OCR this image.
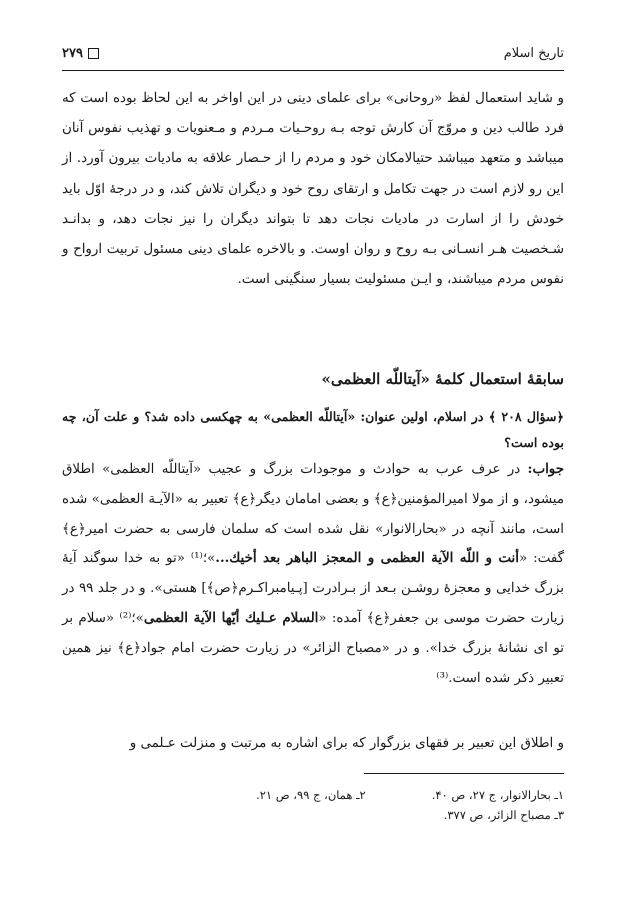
تاریخ اسلام
۲۷۹

و شاید استعمال لفظ «روحانی» برای علمای دینی در این اواخر به این لحاظ بوده است که فرد طالب دین و مروّج آن کارش توجه بـه روحـیات مـردم و مـعنویات و تهذیب نفوس آنان میباشد و متعهد میباشد حتیالامکان خود و مردم را از حـصار علاقه به مادیات بیرون آورد. از این رو لازم است در جهت تکامل و ارتقای روح خود و دیگران تلاش کند، و در درجهٔ اوّل باید خودش را از اسارت در مادیات نجات دهد تا بتواند دیگران را نیز نجات دهد، و بدانـد شـخصیت هـر انسـانی بـه روح و روان اوست. و بالاخره علمای دینی مسئول تربیت ارواح و نفوس مردم میباشند، و ایـن مسئولیت بسیار سنگینی است.

سابقهٔ استعمال کلمهٔ «آیتاللّه العظمی»

﴿سؤال ۲۰۸ ﴾ در اسلام، اولین عنوان: «آیتاللّه العظمی» به چهکسی داده شد؟ و علت آن، چه بوده است؟
جواب: در عرف عرب به حوادث و موجودات بزرگ و عجیب «آیتاللّه العظمی» اطلاق میشود، و از مولا امیرالمؤمنین‌﴿ع﴾ و بعضی امامان دیگر﴿ع﴾ تعبیر به «الآیـة العظمی» شده است، مانند آنچه در «بحارالانوار» نقل شده است که سلمان فارسی به حضرت امیر﴿ع﴾ گفت: «أنت و اللّه الآیة العظمی و المعجز الباهر بعد أخیك...»؛⁽¹⁾ «تو به خدا سوگند آیهٔ بزرگ خدایی و معجزهٔ روشـن بـعد از بـرادرت [پـیامبراکـرم﴿ص﴾] هستی». و در جلد ۹۹ در زیارت حضرت موسی بن جعفر﴿ع﴾ آمده: «السلام عـلیك أیّها الآیة العظمی»؛⁽²⁾ «سلام بر تو ای نشانهٔ بزرگ خدا». و در «مصباح الزائر» در زیارت حضرت امام جواد﴿ع﴾ نیز همین تعبیر ذکر شده است.⁽³⁾
و اطلاق این تعبیر بر فقهای بزرگوار که برای اشاره به مرتبت و منزلت عـلمی و
۱ـ بحارالانوار، ج ۲۷، ص ۴۰.۲ـ همان، ج ۹۹، ص ۲۱.
۳ـ مصباح الزائر، ص ۳۷۷.
